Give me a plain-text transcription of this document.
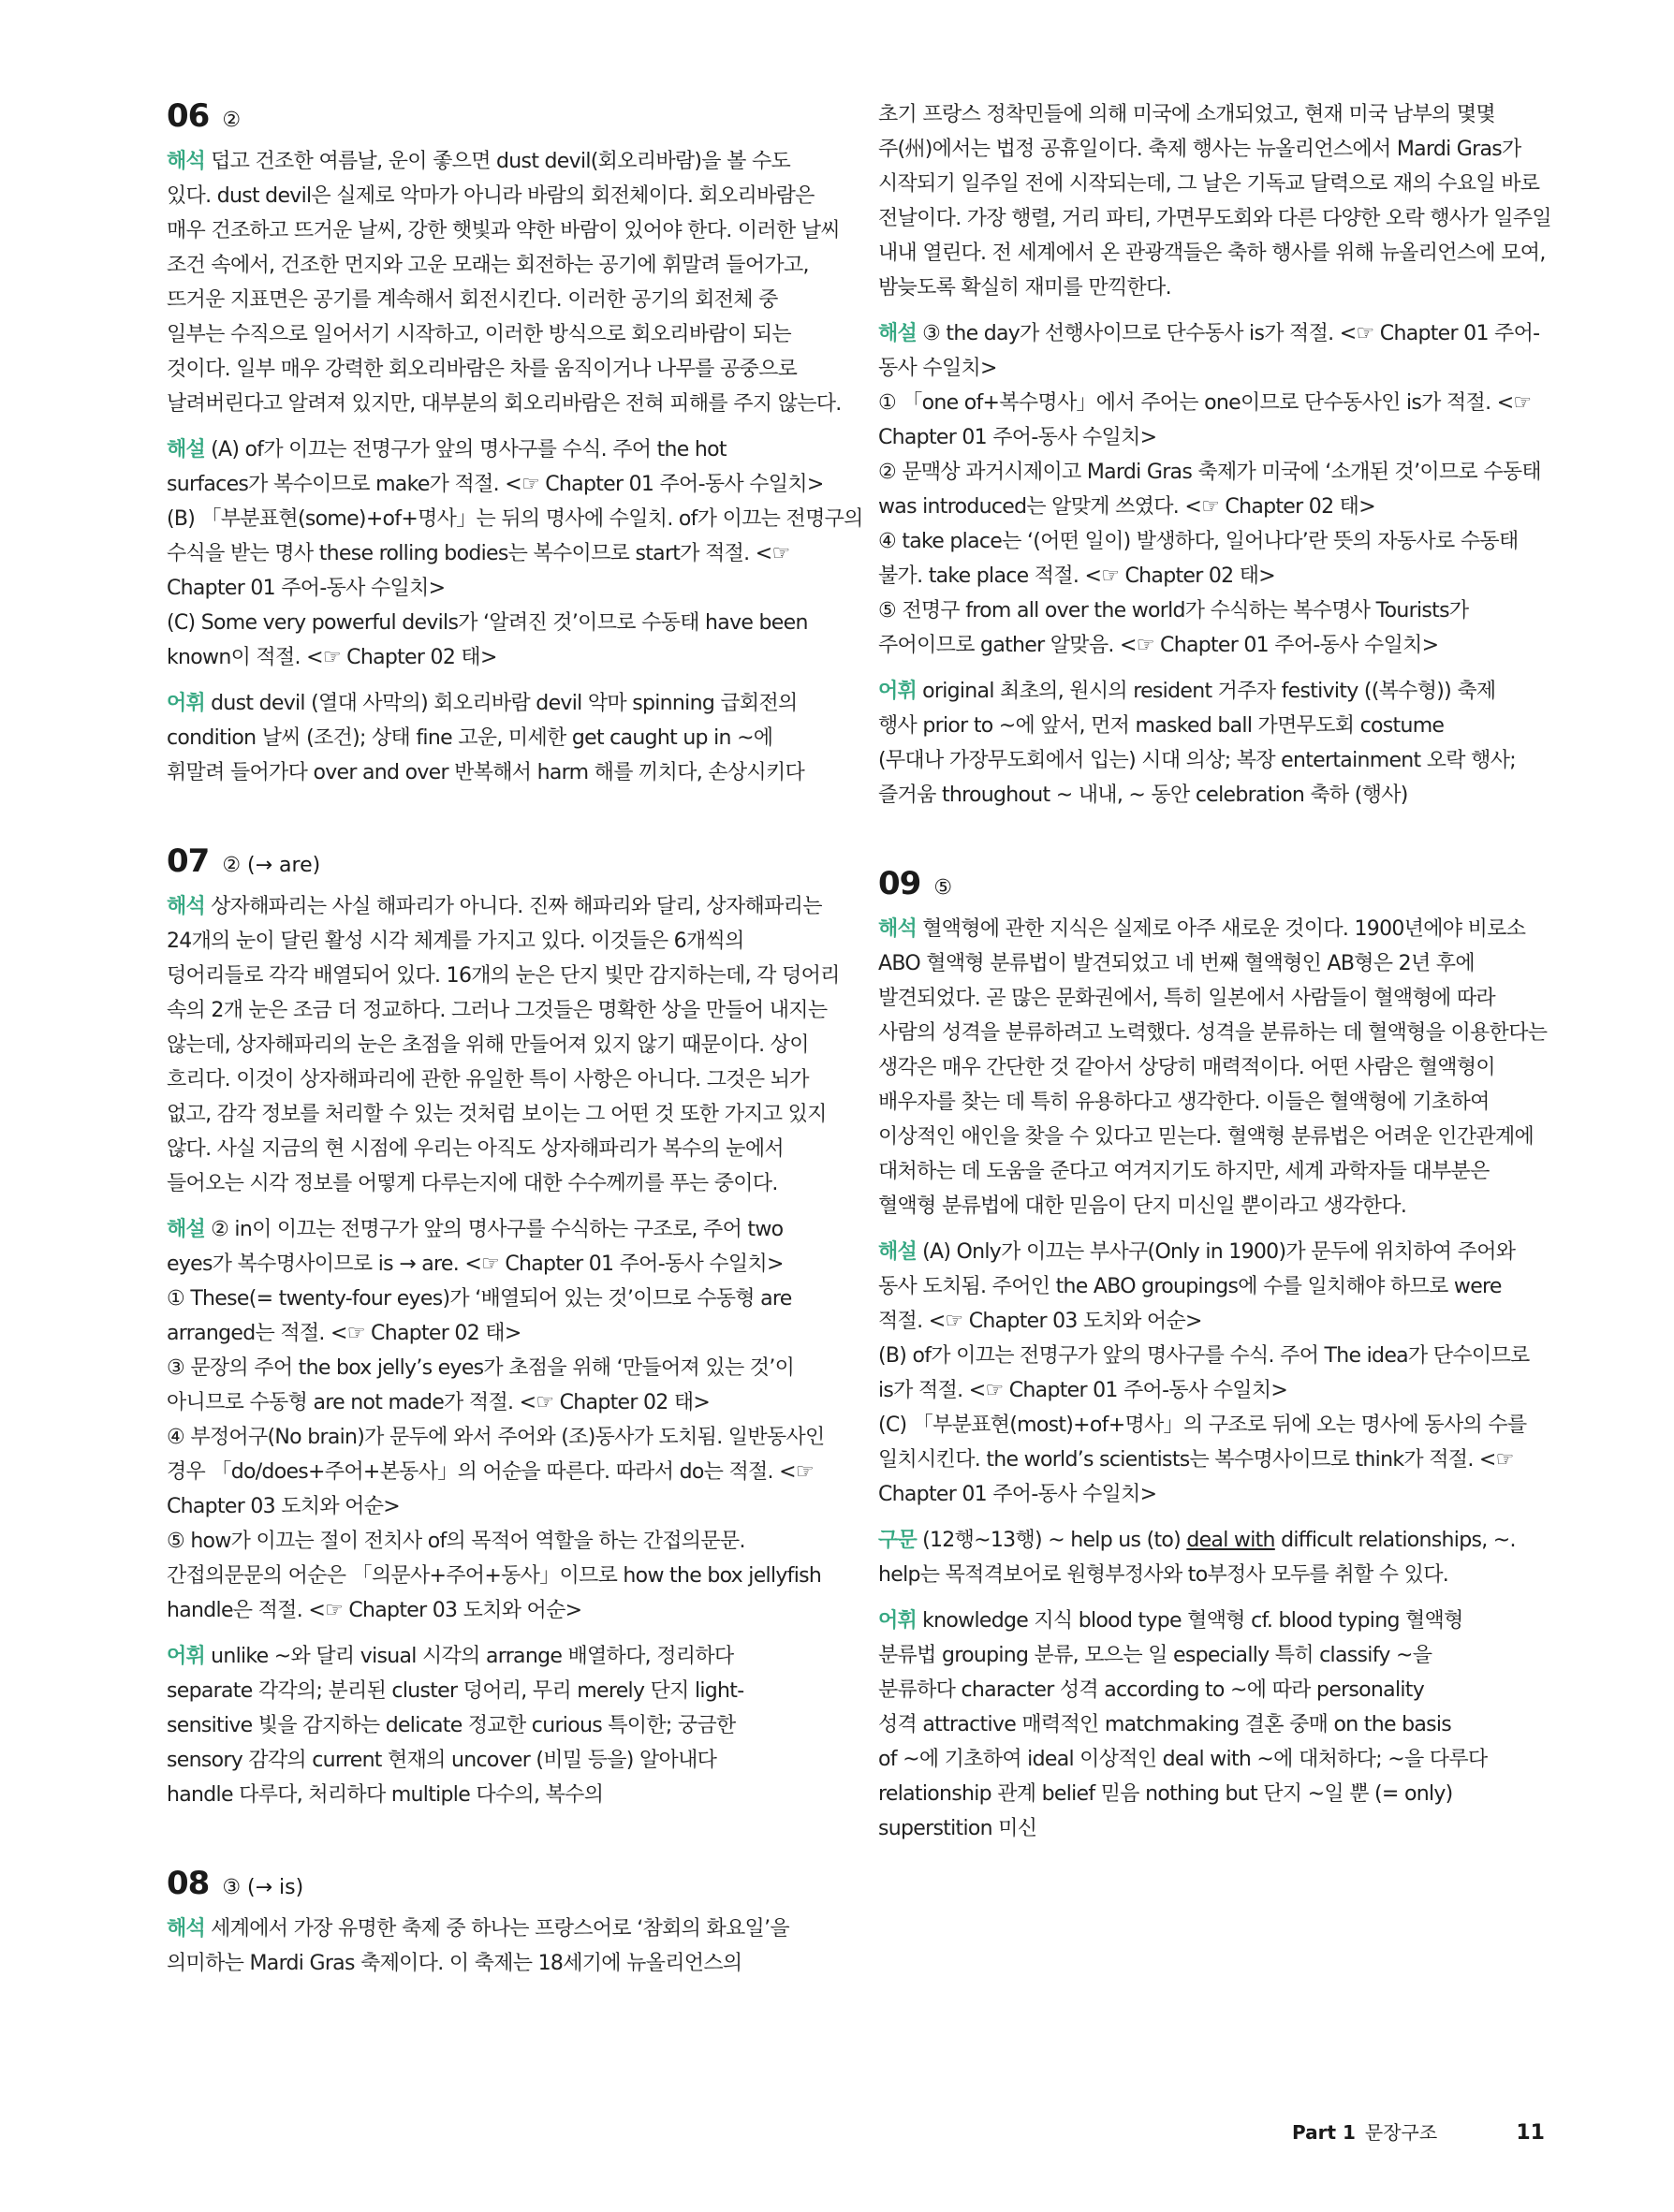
06 ②
해석 덥고 건조한 여름날, 운이 좋으면 dust devil(회오리바람)을 볼 수도
있다. dust devil은 실제로 악마가 아니라 바람의 회전체이다. 회오리바람은
매우 건조하고 뜨거운 날씨, 강한 햇빛과 약한 바람이 있어야 한다. 이러한 날씨
조건 속에서, 건조한 먼지와 고운 모래는 회전하는 공기에 휘말려 들어가고,
뜨거운 지표면은 공기를 계속해서 회전시킨다. 이러한 공기의 회전체 중
일부는 수직으로 일어서기 시작하고, 이러한 방식으로 회오리바람이 되는
것이다. 일부 매우 강력한 회오리바람은 차를 움직이거나 나무를 공중으로
날려버린다고 알려져 있지만, 대부분의 회오리바람은 전혀 피해를 주지 않는다.
해설 (A) of가 이끄는 전명구가 앞의 명사구를 수식. 주어 the hot
surfaces가 복수이므로 make가 적절. <☞ Chapter 01 주어-동사 수일치>
(B) 「부분표현(some)+of+명사」는 뒤의 명사에 수일치. of가 이끄는 전명구의
수식을 받는 명사 these rolling bodies는 복수이므로 start가 적절. <☞
Chapter 01 주어-동사 수일치>
(C) Some very powerful devils가 ‘알려진 것’이므로 수동태 have been
known이 적절. <☞ Chapter 02 태>
어휘 dust devil (열대 사막의) 회오리바람 devil 악마 spinning 급회전의
condition 날씨 (조건); 상태 fine 고운, 미세한 get caught up in ~에
휘말려 들어가다 over and over 반복해서 harm 해를 끼치다, 손상시키다
07 ② (→ are)
해석 상자해파리는 사실 해파리가 아니다. 진짜 해파리와 달리, 상자해파리는
24개의 눈이 달린 활성 시각 체계를 가지고 있다. 이것들은 6개씩의
덩어리들로 각각 배열되어 있다. 16개의 눈은 단지 빛만 감지하는데, 각 덩어리
속의 2개 눈은 조금 더 정교하다. 그러나 그것들은 명확한 상을 만들어 내지는
않는데, 상자해파리의 눈은 초점을 위해 만들어져 있지 않기 때문이다. 상이
흐리다. 이것이 상자해파리에 관한 유일한 특이 사항은 아니다. 그것은 뇌가
없고, 감각 정보를 처리할 수 있는 것처럼 보이는 그 어떤 것 또한 가지고 있지
않다. 사실 지금의 현 시점에 우리는 아직도 상자해파리가 복수의 눈에서
들어오는 시각 정보를 어떻게 다루는지에 대한 수수께끼를 푸는 중이다.
해설 ② in이 이끄는 전명구가 앞의 명사구를 수식하는 구조로, 주어 two
eyes가 복수명사이므로 is → are. <☞ Chapter 01 주어-동사 수일치>
① These(= twenty-four eyes)가 ‘배열되어 있는 것’이므로 수동형 are
arranged는 적절. <☞ Chapter 02 태>
③ 문장의 주어 the box jelly’s eyes가 초점을 위해 ‘만들어져 있는 것’이
아니므로 수동형 are not made가 적절. <☞ Chapter 02 태>
④ 부정어구(No brain)가 문두에 와서 주어와 (조)동사가 도치됨. 일반동사인
경우 「do/does+주어+본동사」의 어순을 따른다. 따라서 do는 적절. <☞
Chapter 03 도치와 어순>
⑤ how가 이끄는 절이 전치사 of의 목적어 역할을 하는 간접의문문.
간접의문문의 어순은 「의문사+주어+동사」이므로 how the box jellyfish
handle은 적절. <☞ Chapter 03 도치와 어순>
어휘 unlike ~와 달리 visual 시각의 arrange 배열하다, 정리하다
separate 각각의; 분리된 cluster 덩어리, 무리 merely 단지 light-
sensitive 빛을 감지하는 delicate 정교한 curious 특이한; 궁금한
sensory 감각의 current 현재의 uncover (비밀 등을) 알아내다
handle 다루다, 처리하다 multiple 다수의, 복수의
08 ③ (→ is)
해석 세계에서 가장 유명한 축제 중 하나는 프랑스어로 ‘참회의 화요일’을
의미하는 Mardi Gras 축제이다. 이 축제는 18세기에 뉴올리언스의
초기 프랑스 정착민들에 의해 미국에 소개되었고, 현재 미국 남부의 몇몇
주(州)에서는 법정 공휴일이다. 축제 행사는 뉴올리언스에서 Mardi Gras가
시작되기 일주일 전에 시작되는데, 그 날은 기독교 달력으로 재의 수요일 바로
전날이다. 가장 행렬, 거리 파티, 가면무도회와 다른 다양한 오락 행사가 일주일
내내 열린다. 전 세계에서 온 관광객들은 축하 행사를 위해 뉴올리언스에 모여,
밤늦도록 확실히 재미를 만끽한다.
해설 ③ the day가 선행사이므로 단수동사 is가 적절. <☞ Chapter 01 주어-
동사 수일치>
① 「one of+복수명사」에서 주어는 one이므로 단수동사인 is가 적절. <☞
Chapter 01 주어-동사 수일치>
② 문맥상 과거시제이고 Mardi Gras 축제가 미국에 ‘소개된 것’이므로 수동태
was introduced는 알맞게 쓰였다. <☞ Chapter 02 태>
④ take place는 ‘(어떤 일이) 발생하다, 일어나다’란 뜻의 자동사로 수동태
불가. take place 적절. <☞ Chapter 02 태>
⑤ 전명구 from all over the world가 수식하는 복수명사 Tourists가
주어이므로 gather 알맞음. <☞ Chapter 01 주어-동사 수일치>
어휘 original 최초의, 원시의 resident 거주자 festivity ((복수형)) 축제
행사 prior to ~에 앞서, 먼저 masked ball 가면무도회 costume
(무대나 가장무도회에서 입는) 시대 의상; 복장 entertainment 오락 행사;
즐거움 throughout ~ 내내, ~ 동안 celebration 축하 (행사)
09 ⑤
해석 혈액형에 관한 지식은 실제로 아주 새로운 것이다. 1900년에야 비로소
ABO 혈액형 분류법이 발견되었고 네 번째 혈액형인 AB형은 2년 후에
발견되었다. 곧 많은 문화권에서, 특히 일본에서 사람들이 혈액형에 따라
사람의 성격을 분류하려고 노력했다. 성격을 분류하는 데 혈액형을 이용한다는
생각은 매우 간단한 것 같아서 상당히 매력적이다. 어떤 사람은 혈액형이
배우자를 찾는 데 특히 유용하다고 생각한다. 이들은 혈액형에 기초하여
이상적인 애인을 찾을 수 있다고 믿는다. 혈액형 분류법은 어려운 인간관계에
대처하는 데 도움을 준다고 여겨지기도 하지만, 세계 과학자들 대부분은
혈액형 분류법에 대한 믿음이 단지 미신일 뿐이라고 생각한다.
해설 (A) Only가 이끄는 부사구(Only in 1900)가 문두에 위치하여 주어와
동사 도치됨. 주어인 the ABO groupings에 수를 일치해야 하므로 were
적절. <☞ Chapter 03 도치와 어순>
(B) of가 이끄는 전명구가 앞의 명사구를 수식. 주어 The idea가 단수이므로
is가 적절. <☞ Chapter 01 주어-동사 수일치>
(C) 「부분표현(most)+of+명사」의 구조로 뒤에 오는 명사에 동사의 수를
일치시킨다. the world’s scientists는 복수명사이므로 think가 적절. <☞
Chapter 01 주어-동사 수일치>
구문 (12행~13행) ~ help us (to) deal with difficult relationships, ~.
help는 목적격보어로 원형부정사와 to부정사 모두를 취할 수 있다.
어휘 knowledge 지식 blood type 혈액형 cf. blood typing 혈액형
분류법 grouping 분류, 모으는 일 especially 특히 classify ~을
분류하다 character 성격 according to ~에 따라 personality
성격 attractive 매력적인 matchmaking 결혼 중매 on the basis
of ~에 기초하여 ideal 이상적인 deal with ~에 대처하다; ~을 다루다
relationship 관계 belief 믿음 nothing but 단지 ~일 뿐 (= only)
superstition 미신
Part 1 문장구조	11
